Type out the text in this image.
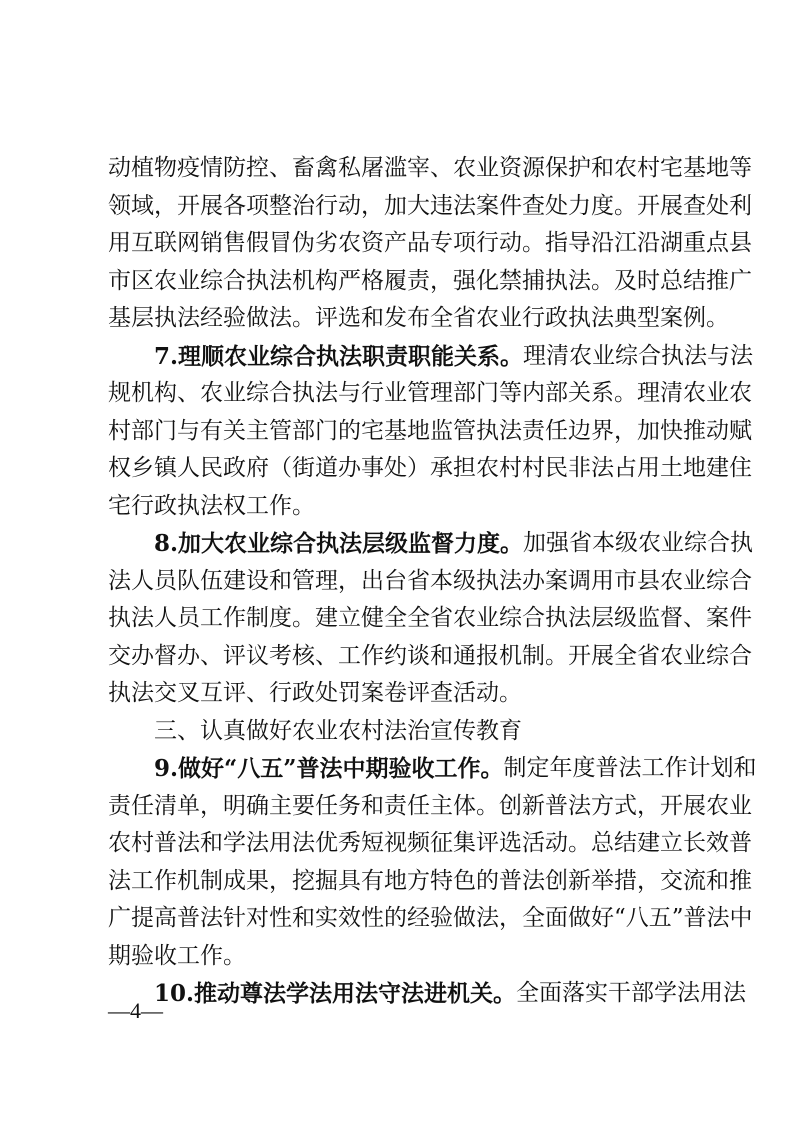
动 植 物 疫 情 防 控 、 畜 禽 私 屠 滥 宰 、 农 业 资 源 保 护 和 农 村 宅 基 地 等
领 域 ， 开 展 各 项 整 治 行 动 ， 加 大 违 法 案 件 查 处 力 度 。 开 展 查 处 利
用 互 联 网 销 售 假 冒 伪 劣 农 资 产 品 专 项 行 动 。 指 导 沿 江 沿 湖 重 点 县
市 区 农 业 综 合 执 法 机 构 严 格 履 责 ， 强 化 禁 捕 执 法 。 及 时 总 结 推 广
基 层 执 法 经 验 做 法 。 评 选 和 发 布 全 省 农 业 行 政 执 法 典 型 案 例 。
7 . 理 顺 农 业 综 合 执 法 职 责 职 能 关 系 。 理 清 农 业 综 合 执 法 与 法
规 机 构 、 农 业 综 合 执 法 与 行 业 管 理 部 门 等 内 部 关 系 。 理 清 农 业 农
村 部 门 与 有 关 主 管 部 门 的 宅 基 地 监 管 执 法 责 任 边 界 ， 加 快 推 动 赋
权 乡 镇 人 民 政 府 （ 街 道 办 事 处 ） 承 担 农 村 村 民 非 法 占 用 土 地 建 住
宅 行 政 执 法 权 工 作 。
8 . 加 大 农 业 综 合 执 法 层 级 监 督 力 度 。 加 强 省 本 级 农 业 综 合 执
法 人 员 队 伍 建 设 和 管 理 ， 出 台 省 本 级 执 法 办 案 调 用 市 县 农 业 综 合
执 法 人 员 工 作 制 度 。 建 立 健 全 全 省 农 业 综 合 执 法 层 级 监 督 、 案 件
交 办 督 办 、 评 议 考 核 、 工 作 约 谈 和 通 报 机 制 。 开 展 全 省 农 业 综 合
执 法 交 叉 互 评 、 行 政 处 罚 案 卷 评 查 活 动 。
三 、 认 真 做 好 农 业 农 村 法 治 宣 传 教 育
9 . 做 好 “ 八 五 ” 普 法 中 期 验 收 工 作 。 制 定 年 度 普 法 工 作 计 划 和
责 任 清 单 ， 明 确 主 要 任 务 和 责 任 主 体 。 创 新 普 法 方 式 ， 开 展 农 业
农 村 普 法 和 学 法 用 法 优 秀 短 视 频 征 集 评 选 活 动 。 总 结 建 立 长 效 普
法 工 作 机 制 成 果 ， 挖 掘 具 有 地 方 特 色 的 普 法 创 新 举 措 ， 交 流 和 推
广 提 高 普 法 针 对 性 和 实 效 性 的 经 验 做 法 ， 全 面 做 好 “ 八 五 ” 普 法 中
期 验 收 工 作 。
1 0 . 推 动 尊 法 学 法 用 法 守 法 进 机 关 。 全 面 落 实 干 部 学 法 用 法
—4—
